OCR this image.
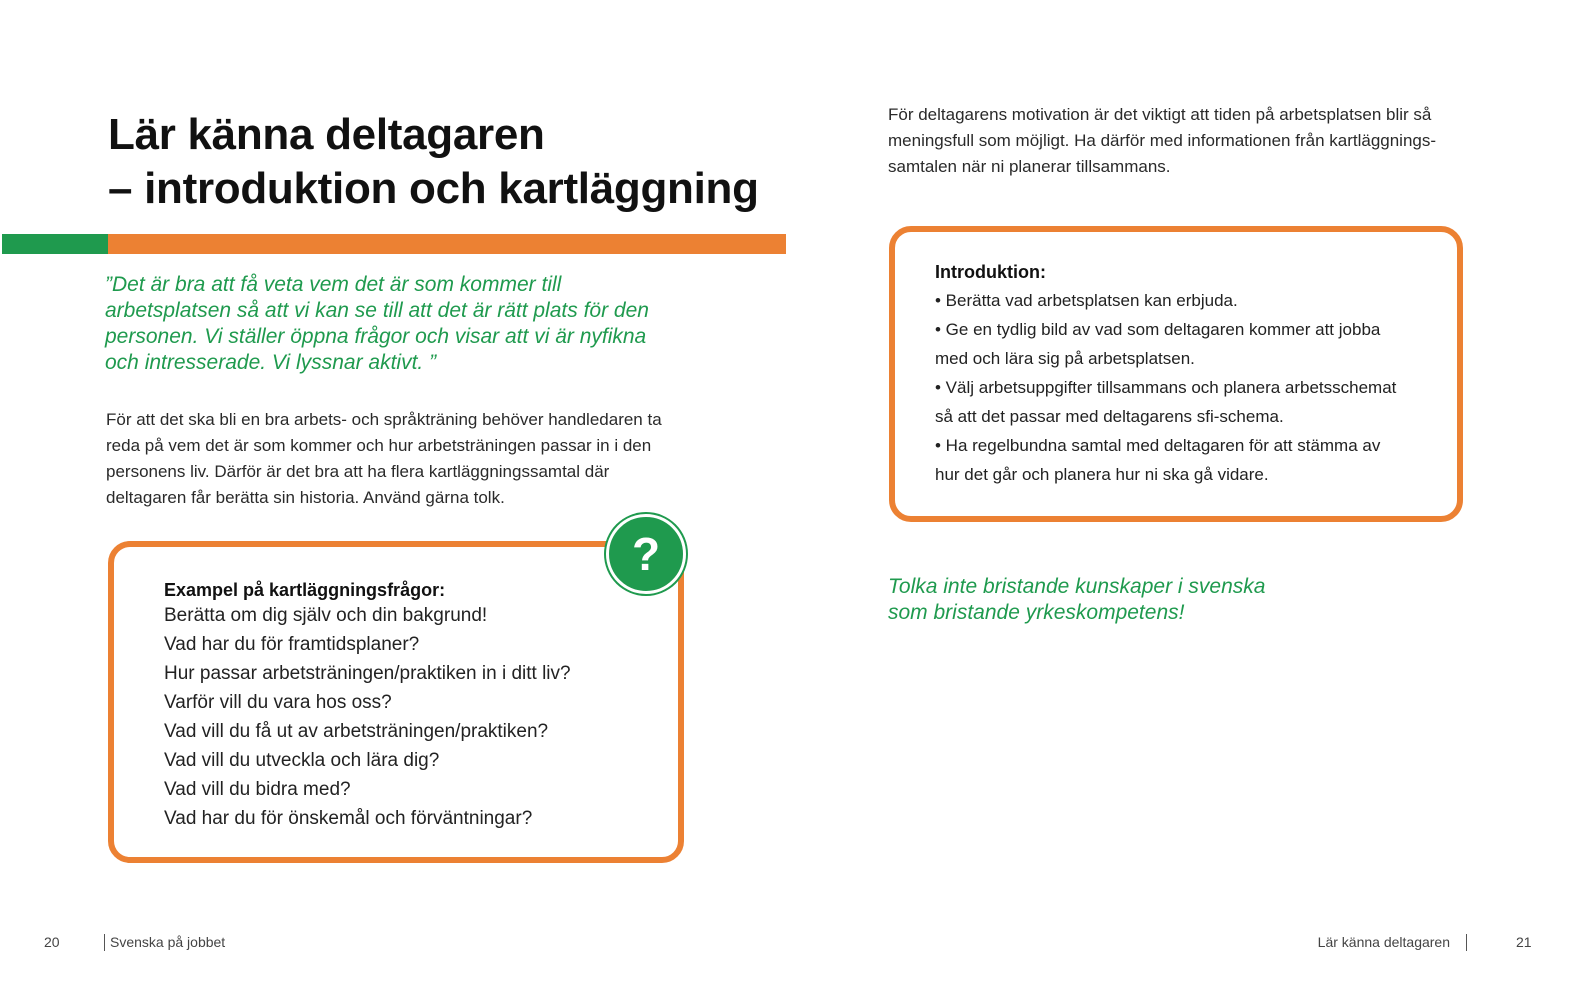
Lär känna deltagaren
– introduktion och kartläggning

”Det är bra att få veta vem det är som kommer till arbetsplatsen så att vi kan se till att det är rätt plats för den personen. Vi ställer öppna frågor och visar att vi är nyfikna och intresserade. Vi lyssnar aktivt. ”

För att det ska bli en bra arbets- och språkträning behöver handledaren ta reda på vem det är som kommer och hur arbetsträningen passar in i den personens liv. Därför är det bra att ha flera kartläggningssamtal där deltagaren får berätta sin historia. Använd gärna tolk.

Exampel på kartläggningsfrågor:

Berätta om dig själv och din bakgrund!
Vad har du för framtidsplaner?
Hur passar arbetsträningen/praktiken in i ditt liv?
Varför vill du vara hos oss?
Vad vill du få ut av arbetsträningen/praktiken?
Vad vill du utveckla och lära dig?
Vad vill du bidra med?
Vad har du för önskemål och förväntningar?
?
20	Svenska på jobbet

För deltagarens motivation är det viktigt att tiden på arbetsplatsen blir så meningsfull som möjligt. Ha därför med informationen från kartläggnings-samtalen när ni planerar tillsammans.

Introduktion:

• Berätta vad arbetsplatsen kan erbjuda.
• Ge en tydlig bild av vad som deltagaren kommer att jobba med och lära sig på arbetsplatsen.
• Välj arbetsuppgifter tillsammans och planera arbetsschemat så att det passar med deltagarens sfi-schema.
• Ha regelbundna samtal med deltagaren för att stämma av hur det går och planera hur ni ska gå vidare.

Tolka inte bristande kunskaper i svenska som bristande yrkeskompetens!

Lär känna deltagaren	21
